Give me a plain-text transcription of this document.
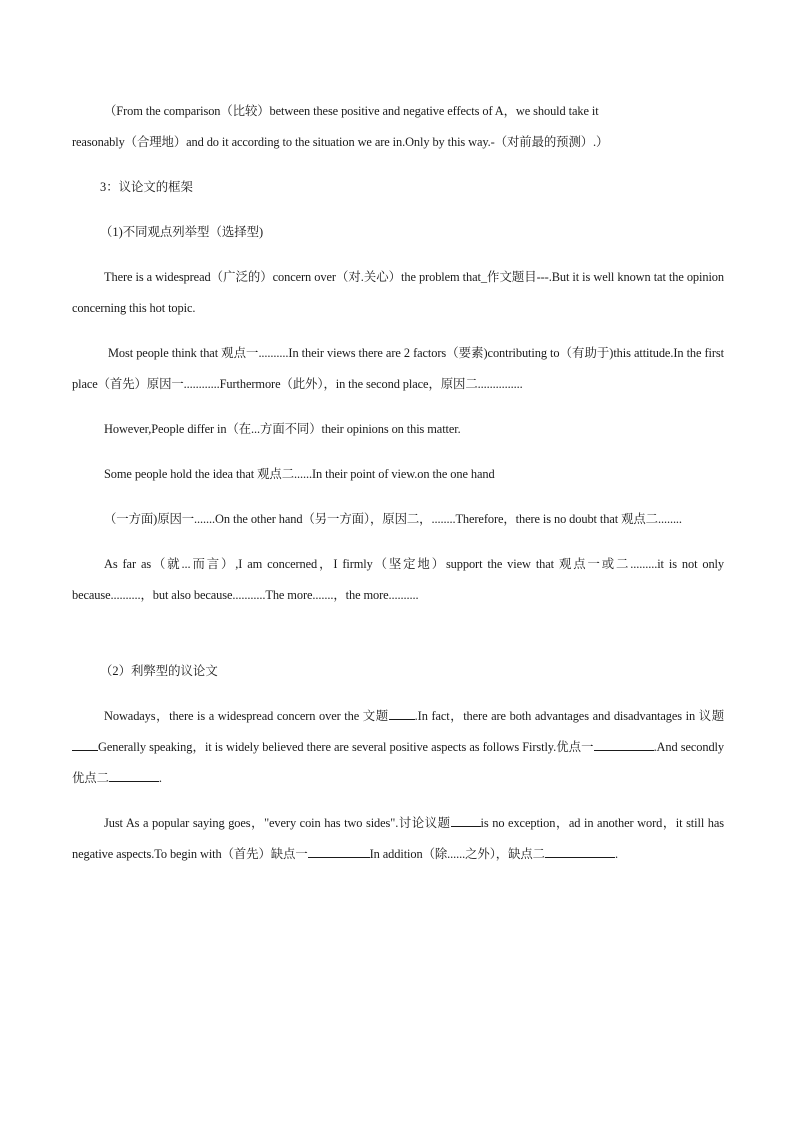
（From the comparison（比较）between these positive and negative effects of A，we should take it
reasonably（合理地）and do it according to the situation we are in.Only by this way.-（对前最的预测）.）

3：议论文的框架

（1)不同观点列举型（选择型)

There is a widespread（广泛的）concern over（对.关心）the problem that_作文题目---.But it is well known tat the opinion concerning this hot topic.

Most people think that 观点一..........In their views there are 2 factors（要素)contributing to（有助于)this attitude.In the first place（首先）原因一............Furthermore（此外），in the second place，原因二...............

However,People differ in（在...方面不同）their opinions on this matter.

Some people hold the idea that 观点二......In their point of view.on the one hand

（一方面)原因一.......On the other hand（另一方面），原因二，........Therefore，there is no doubt that 观点二........

As far as（就...而言）,I am concerned，I firmly（坚定地）support the view that 观点一或二.........it is not only because..........，but also because...........The more.......，the more..........

（2）利弊型的议论文

Nowadays，there is a widespread concern over the 文题 .In fact，there are both advantages and disadvantages in 议题Generally speaking，it is widely believed there are several positive aspects as follows Firstly.优点一	.And secondly 优点二	.

Just As a popular saying goes，"every coin has two sides".讨论议题 is no exception，ad in another word，it still has negative aspects.To begin with（首先）缺点一	In addition（除......之外），缺点二	.
